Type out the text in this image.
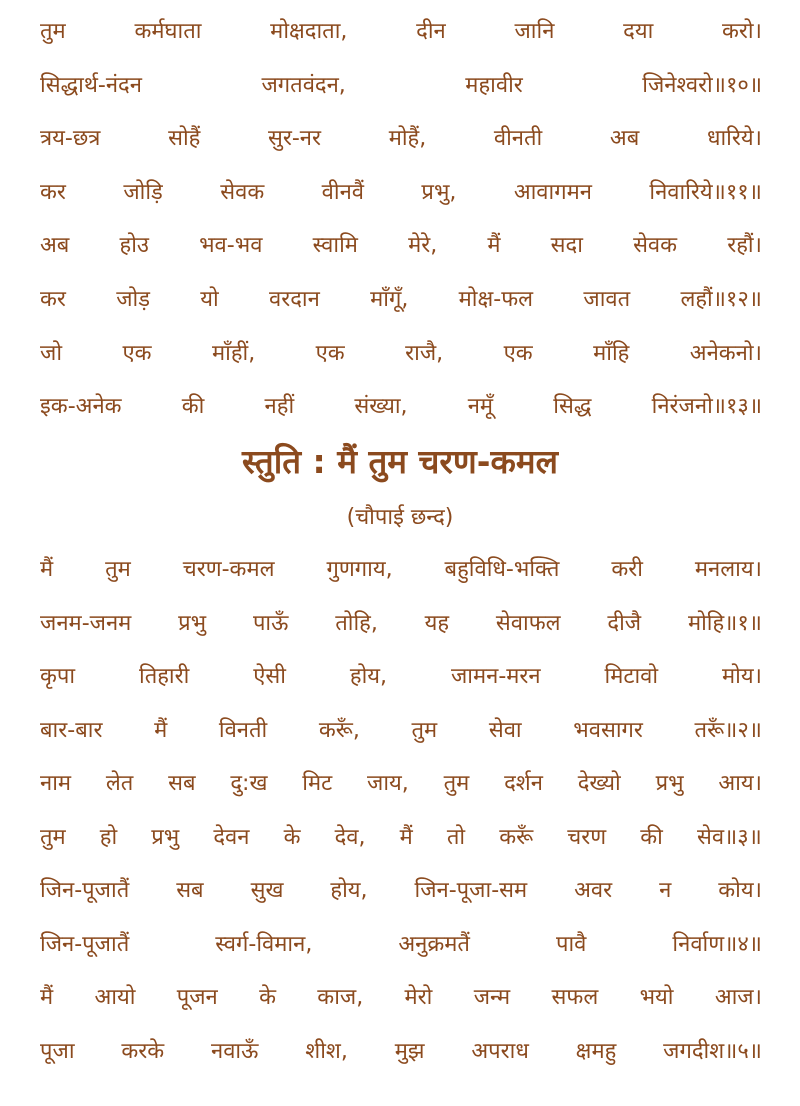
तुम	कर्मघाता	मोक्षदाता,	दीन	जानि	दया	करो।
सिद्धार्थ-नंदन	जगतवंदन,	महावीर	जिनेश्वरो॥१०॥
त्रय-छत्र	सोहैं	सुर-नर	मोहैं,	वीनती	अब	धारिये।
कर	जोड़ि	सेवक	वीनवैं	प्रभु,	आवागमन	निवारिये॥११॥
अब होउ भव-भव स्वामि मेरे, मैं सदा सेवक रहौं।
कर जोड़ यो वरदान माँगूँ, मोक्ष-फल जावत लहौं॥१२॥
जो	एक	माँहीं,	एक	राजै,	एक	माँहि	अनेकनो।
इक-अनेक	की	नहीं	संख्या,	नमूँ	सिद्ध	निरंजनो॥१३॥
स्तुति : मैं तुम चरण-कमल
(चौपाई छन्द)
मैं तुम चरण-कमल गुणगाय, बहुविधि-भक्ति करी मनलाय।
जनम-जनम प्रभु पाऊँ तोहि, यह सेवाफल दीजै मोहि॥१॥
कृपा	तिहारी	ऐसी	होय,	जामन-मरन	मिटावो	मोय।
बार-बार मैं विनती करूँ, तुम सेवा भवसागर तरूँ॥२॥
नाम लेत सब दु:ख मिट जाय, तुम दर्शन देख्यो प्रभु आय।
तुम हो प्रभु देवन के देव, मैं तो करूँ चरण की सेव॥३॥
जिन-पूजातैं सब सुख होय, जिन-पूजा-सम अवर न कोय।
जिन-पूजातैं	स्वर्ग-विमान,	अनुक्रमतैं	पावै	निर्वाण॥४॥
मैं आयो पूजन के काज, मेरो जन्म सफल भयो आज।
पूजा करके नवाऊँ शीश, मुझ अपराध क्षमहु जगदीश॥५॥
